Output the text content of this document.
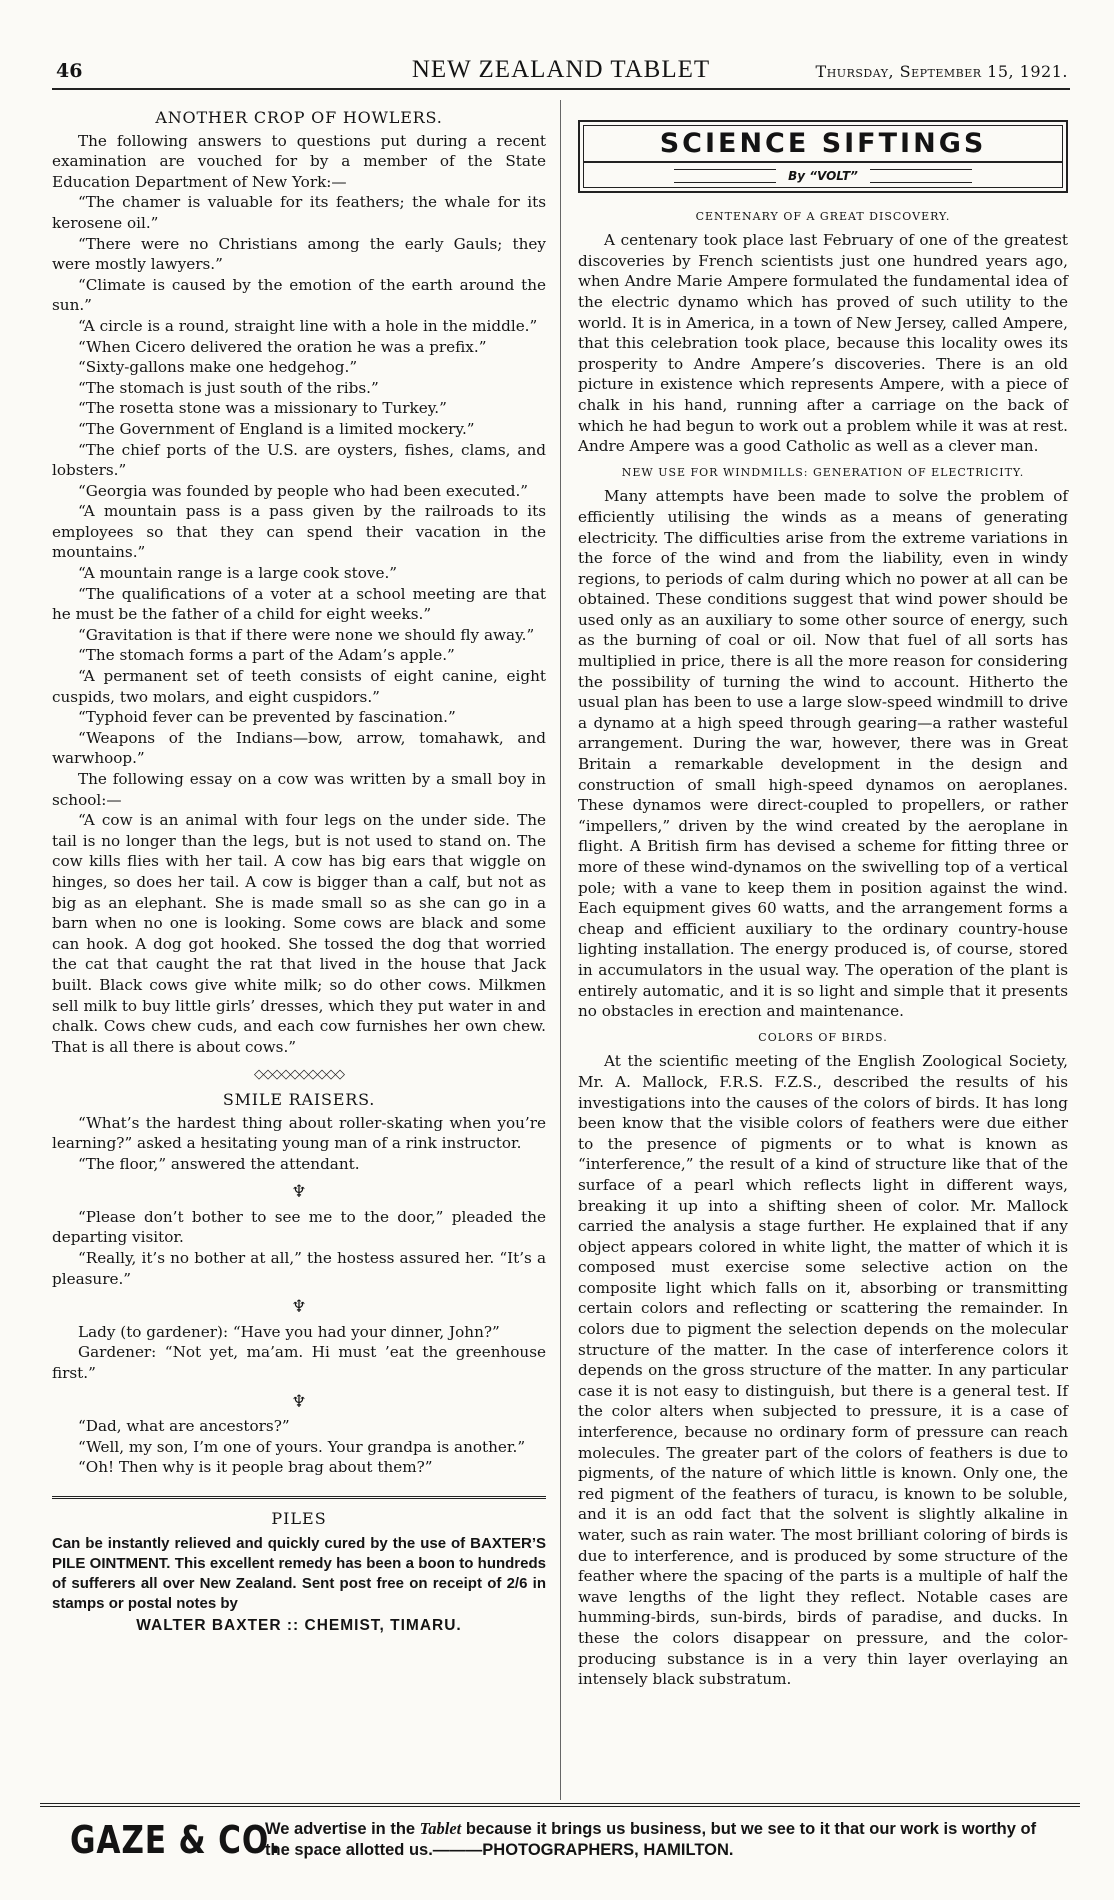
46	NEW ZEALAND TABLET	Thursday, September 15, 1921.
ANOTHER CROP OF HOWLERS.

The following answers to questions put during a recent examination are vouched for by a member of the State Education Department of New York:—

“The chamer is valuable for its feathers; the whale for its kerosene oil.”

“There were no Christians among the early Gauls; they were mostly lawyers.”

“Climate is caused by the emotion of the earth around the sun.”

“A circle is a round, straight line with a hole in the middle.”

“When Cicero delivered the oration he was a prefix.”

“Sixty-gallons make one hedgehog.”

“The stomach is just south of the ribs.”

“The rosetta stone was a missionary to Turkey.”

“The Government of England is a limited mockery.”

“The chief ports of the U.S. are oysters, fishes, clams, and lobsters.”

“Georgia was founded by people who had been executed.”

“A mountain pass is a pass given by the railroads to its employees so that they can spend their vacation in the mountains.”

“A mountain range is a large cook stove.”

“The qualifications of a voter at a school meeting are that he must be the father of a child for eight weeks.”

“Gravitation is that if there were none we should fly away.”

“The stomach forms a part of the Adam’s apple.”

“A permanent set of teeth consists of eight canine, eight cuspids, two molars, and eight cuspidors.”

“Typhoid fever can be prevented by fascination.”

“Weapons of the Indians—bow, arrow, tomahawk, and warwhoop.”

The following essay on a cow was written by a small boy in school:—

“A cow is an animal with four legs on the under side. The tail is no longer than the legs, but is not used to stand on. The cow kills flies with her tail. A cow has big ears that wiggle on hinges, so does her tail. A cow is bigger than a calf, but not as big as an elephant. She is made small so as she can go in a barn when no one is looking. Some cows are black and some can hook. A dog got hooked. She tossed the dog that worried the cat that caught the rat that lived in the house that Jack built. Black cows give white milk; so do other cows. Milkmen sell milk to buy little girls’ dresses, which they put water in and chalk. Cows chew cuds, and each cow furnishes her own chew. That is all there is about cows.”

◇◇◇◇◇◇◇◇◇◇
SMILE RAISERS.

“What’s the hardest thing about roller-skating when you’re learning?” asked a hesitating young man of a rink instructor.

“The floor,” answered the attendant.

♆

“Please don’t bother to see me to the door,” pleaded the departing visitor.

“Really, it’s no bother at all,” the hostess assured her. “It’s a pleasure.”

♆

Lady (to gardener): “Have you had your dinner, John?”

Gardener: “Not yet, ma’am. Hi must ’eat the greenhouse first.”

♆

“Dad, what are ancestors?”

“Well, my son, I’m one of yours. Your grandpa is another.”

“Oh! Then why is it people brag about them?”

PILES
Can be instantly relieved and quickly cured by the use of BAXTER’S PILE OINTMENT. This excellent remedy has been a boon to hundreds of sufferers all over New Zealand. Sent post free on receipt of 2/6 in stamps or postal notes by
WALTER BAXTER :: CHEMIST, TIMARU.
SCIENCE SIFTINGS
By “VOLT”
CENTENARY OF A GREAT DISCOVERY.

A centenary took place last February of one of the greatest discoveries by French scientists just one hundred years ago, when Andre Marie Ampere formulated the fundamental idea of the electric dynamo which has proved of such utility to the world. It is in America, in a town of New Jersey, called Ampere, that this celebration took place, because this locality owes its prosperity to Andre Ampere’s discoveries. There is an old picture in existence which represents Ampere, with a piece of chalk in his hand, running after a carriage on the back of which he had begun to work out a problem while it was at rest. Andre Ampere was a good Catholic as well as a clever man.

NEW USE FOR WINDMILLS: GENERATION OF ELECTRICITY.

Many attempts have been made to solve the problem of efficiently utilising the winds as a means of generating electricity. The difficulties arise from the extreme variations in the force of the wind and from the liability, even in windy regions, to periods of calm during which no power at all can be obtained. These conditions suggest that wind power should be used only as an auxiliary to some other source of energy, such as the burning of coal or oil. Now that fuel of all sorts has multiplied in price, there is all the more reason for considering the possibility of turning the wind to account. Hitherto the usual plan has been to use a large slow-speed windmill to drive a dynamo at a high speed through gearing—a rather wasteful arrangement. During the war, however, there was in Great Britain a remarkable development in the design and construction of small high-speed dynamos on aeroplanes. These dynamos were direct-coupled to propellers, or rather “impellers,” driven by the wind created by the aeroplane in flight. A British firm has devised a scheme for fitting three or more of these wind-dynamos on the swivelling top of a vertical pole; with a vane to keep them in position against the wind. Each equipment gives 60 watts, and the arrangement forms a cheap and efficient auxiliary to the ordinary country-house lighting installation. The energy produced is, of course, stored in accumulators in the usual way. The operation of the plant is entirely automatic, and it is so light and simple that it presents no obstacles in erection and maintenance.

COLORS OF BIRDS.

At the scientific meeting of the English Zoological Society, Mr. A. Mallock, F.R.S. F.Z.S., described the results of his investigations into the causes of the colors of birds. It has long been know that the visible colors of feathers were due either to the presence of pigments or to what is known as “interference,” the result of a kind of structure like that of the surface of a pearl which reflects light in different ways, breaking it up into a shifting sheen of color. Mr. Mallock carried the analysis a stage further. He explained that if any object appears colored in white light, the matter of which it is composed must exercise some selective action on the composite light which falls on it, absorbing or transmitting certain colors and reflecting or scattering the remainder. In colors due to pigment the selection depends on the molecular structure of the matter. In the case of interference colors it depends on the gross structure of the matter. In any particular case it is not easy to distinguish, but there is a general test. If the color alters when subjected to pressure, it is a case of interference, because no ordinary form of pressure can reach molecules. The greater part of the colors of feathers is due to pigments, of the nature of which little is known. Only one, the red pigment of the feathers of turacu, is known to be soluble, and it is an odd fact that the solvent is slightly alkaline in water, such as rain water. The most brilliant coloring of birds is due to interference, and is produced by some structure of the feather where the spacing of the parts is a multiple of half the wave lengths of the light they reflect. Notable cases are humming-birds, sun-birds, birds of paradise, and ducks. In these the colors disappear on pressure, and the color-producing substance is in a very thin layer overlaying an intensely black substratum.

GAZE & CO.
We advertise in the Tablet because it brings us business, but we see to it that our work is worthy of the space allotted us.———PHOTOGRAPHERS, HAMILTON.
